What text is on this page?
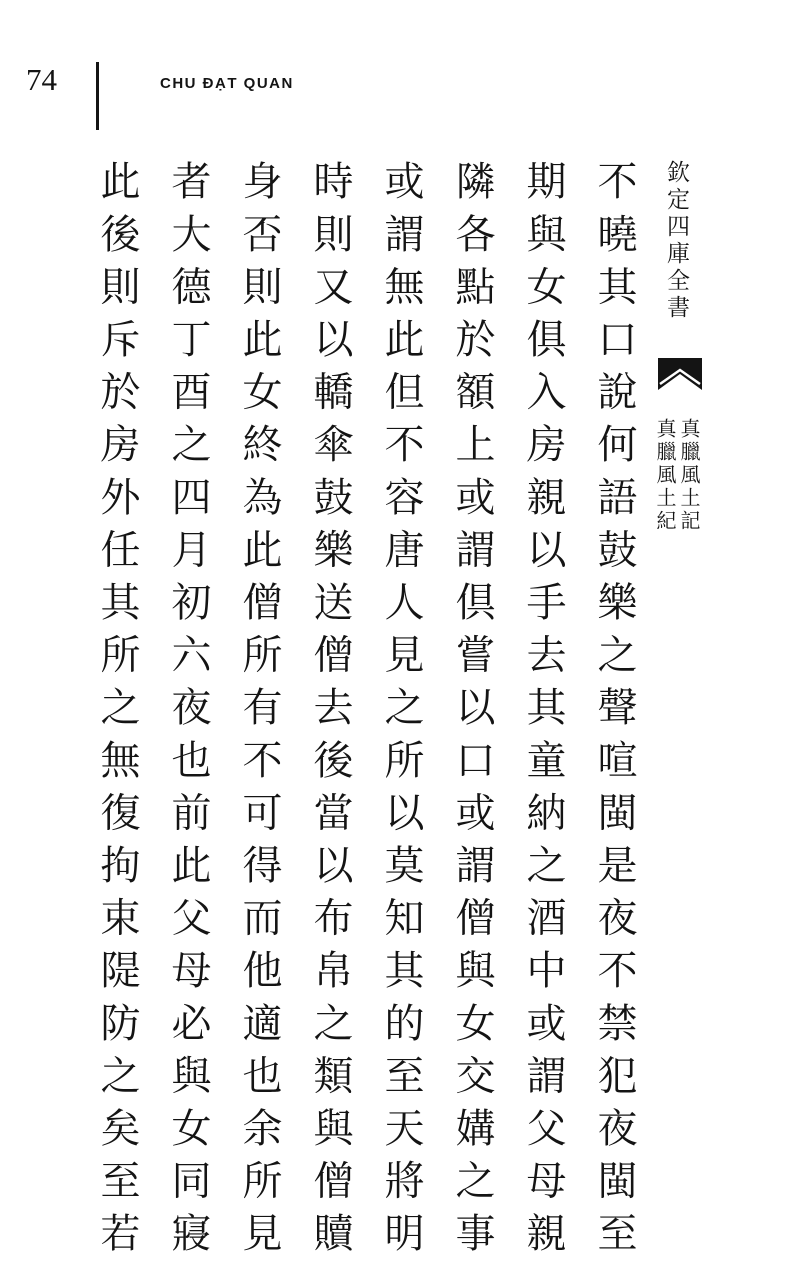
74	CHU ĐẠT QUAN
欽定四庫全書
真臘風土記
真臘風土紀
不曉其口說何語鼓樂之聲喧閩是夜不禁犯夜閩至
期與女俱入房親以手去其童納之酒中或謂父母親
隣各點於額上或謂倶嘗以口或謂僧與女交媾之事
或謂無此但不容唐人見之所以莫知其的至天將明
時則又以轎傘鼓樂送僧去後當以布帛之類與僧贖
身否則此女終為此僧所有不可得而他適也余所見
者大德丁酉之四月初六夜也前此父母必與女同寢
此後則斥於房外任其所之無復拘束隄防之矣至若
